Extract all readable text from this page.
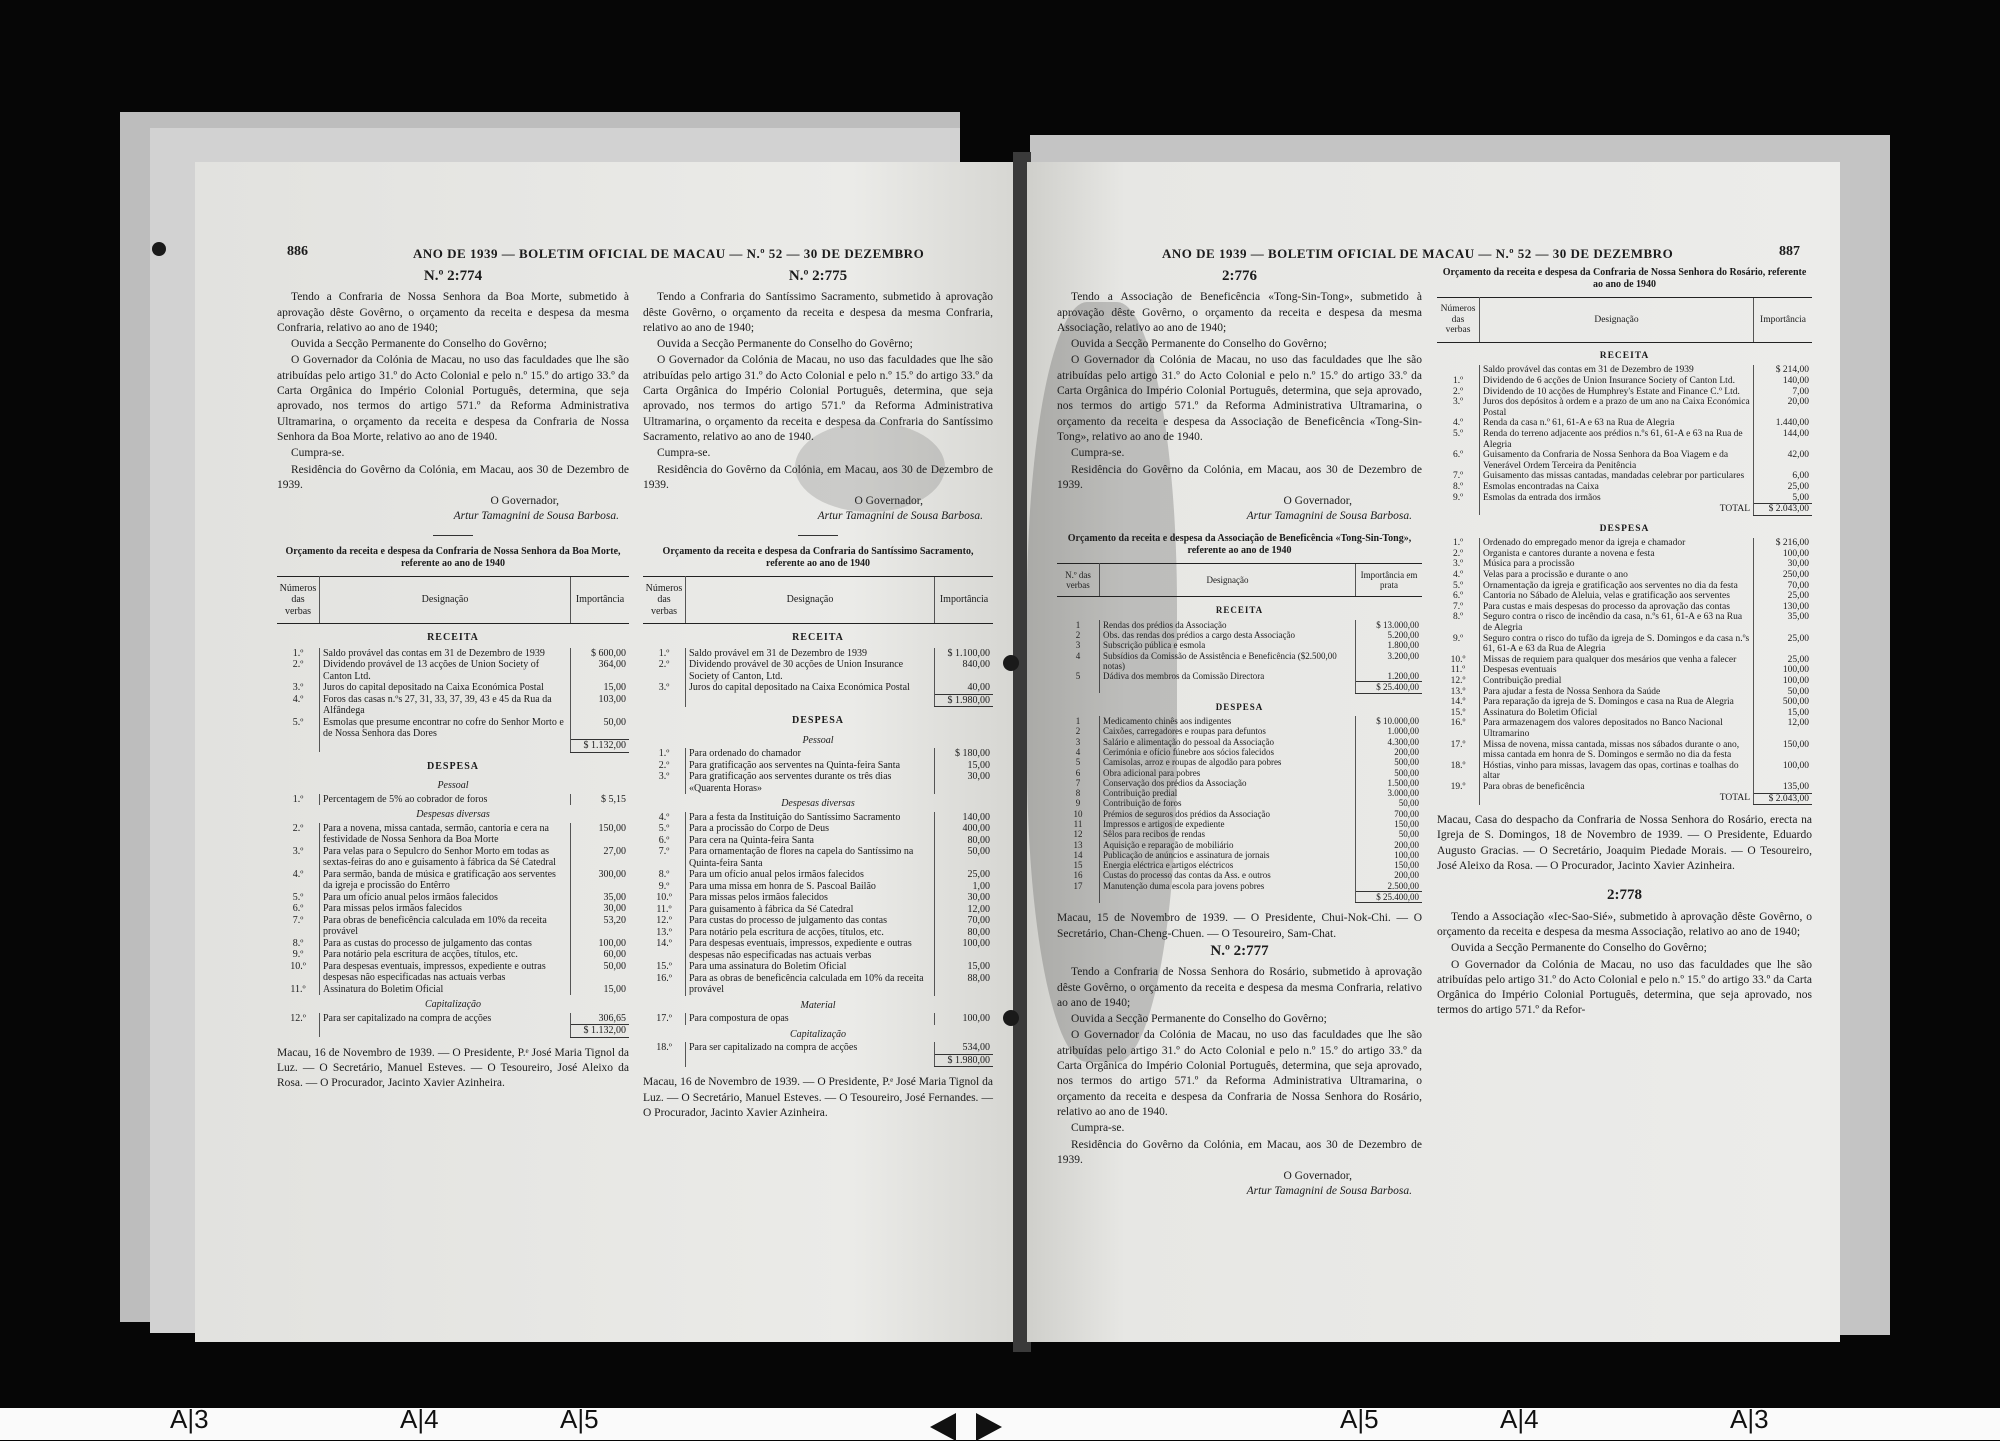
886	ANO DE 1939 — BOLETIM OFICIAL DE MACAU — N.º 52 — 30 DE DEZEMBRO
N.º 2:774

Tendo a Confraria de Nossa Senhora da Boa Morte, submetido à aprovação dêste Govêrno, o orçamento da receita e despesa da mesma Confraria, relativo ao ano de 1940;

Ouvida a Secção Permanente do Conselho do Govêrno;

O Governador da Colónia de Macau, no uso das faculdades que lhe são atribuídas pelo artigo 31.º do Acto Colonial e pelo n.º 15.º do artigo 33.º da Carta Orgânica do Império Colonial Português, determina, que seja aprovado, nos termos do artigo 571.º da Reforma Administrativa Ultramarina, o orçamento da receita e despesa da Confraria de Nossa Senhora da Boa Morte, relativo ao ano de 1940.

Cumpra-se.

Residência do Govêrno da Colónia, em Macau, aos 30 de Dezembro de 1939.

O Governador,
Artur Tamagnini de Sousa Barbosa.
Orçamento da receita e despesa da Confraria de Nossa Senhora da Boa Morte, referente ao ano de 1940
Números das verbas	Designação	Importância
RECEITA		
1.º	Saldo provável das contas em 31 de Dezembro de 1939	$ 600,00
2.º	Dividendo provável de 13 acções de Union Society of Canton Ltd.	364,00
3.º	Juros do capital depositado na Caixa Económica Postal	15,00
4.º	Foros das casas n.ºs 27, 31, 33, 37, 39, 43 e 45 da Rua da Alfândega	103,00
5.º	Esmolas que presume encontrar no cofre do Senhor Morto e de Nossa Senhora das Dores	50,00
		$ 1.132,00
DESPESA		
Pessoal		
1.º	Percentagem de 5% ao cobrador de foros	$ 5,15
Despesas diversas		
2.º	Para a novena, missa cantada, sermão, cantoria e cera na festividade de Nossa Senhora da Boa Morte	150,00
3.º	Para velas para o Sepulcro do Senhor Morto em todas as sextas-feiras do ano e guisamento à fábrica da Sé Catedral	27,00
4.º	Para sermão, banda de música e gratificação aos serventes da igreja e procissão do Entêrro	300,00
5.º	Para um ofício anual pelos irmãos falecidos	35,00
6.º	Para missas pelos irmãos falecidos	30,00
7.º	Para obras de beneficência calculada em 10% da receita provável	53,20
8.º	Para as custas do processo de julgamento das contas	100,00
9.º	Para notário pela escritura de acções, títulos, etc.	60,00
10.º	Para despesas eventuais, impressos, expediente e outras despesas não especificadas nas actuais verbas	50,00
11.º	Assinatura do Boletim Oficial	15,00
Capitalização		
12.º	Para ser capitalizado na compra de acções	306,65
		$ 1.132,00
Macau, 16 de Novembro de 1939. — O Presidente, P.ᵉ José Maria Tignol da Luz. — O Secretário, Manuel Esteves. — O Tesoureiro, José Aleixo da Rosa. — O Procurador, Jacinto Xavier Azinheira.
N.º 2:775

Tendo a Confraria do Santíssimo Sacramento, submetido à aprovação dêste Govêrno, o orçamento da receita e despesa da mesma Confraria, relativo ao ano de 1940;

Ouvida a Secção Permanente do Conselho do Govêrno;

O Governador da Colónia de Macau, no uso das faculdades que lhe são atribuídas pelo artigo 31.º do Acto Colonial e pelo n.º 15.º do artigo 33.º da Carta Orgânica do Império Colonial Português, determina, que seja aprovado, nos termos do artigo 571.º da Reforma Administrativa Ultramarina, o orçamento da receita e despesa da Confraria do Santíssimo Sacramento, relativo ao ano de 1940.

Cumpra-se.

Residência do Govêrno da Colónia, em Macau, aos 30 de Dezembro de 1939.

O Governador,
Artur Tamagnini de Sousa Barbosa.
Orçamento da receita e despesa da Confraria do Santíssimo Sacramento, referente ao ano de 1940
Números das verbas	Designação	Importância
RECEITA		
1.º	Saldo provável em 31 de Dezembro de 1939	$ 1.100,00
2.º	Dividendo provável de 30 acções de Union Insurance Society of Canton, Ltd.	840,00
3.º	Juros do capital depositado na Caixa Económica Postal	40,00
		$ 1.980,00
DESPESA		
Pessoal		
1.º	Para ordenado do chamador	$ 180,00
2.º	Para gratificação aos serventes na Quinta-feira Santa	15,00
3.º	Para gratificação aos serventes durante os três dias «Quarenta Horas»	30,00
Despesas diversas		
4.º	Para a festa da Instituição do Santíssimo Sacramento	140,00
5.º	Para a procissão do Corpo de Deus	400,00
6.º	Para cera na Quinta-feira Santa	80,00
7.º	Para ornamentação de flores na capela do Santíssimo na Quinta-feira Santa	50,00
8.º	Para um ofício anual pelos irmãos falecidos	25,00
9.º	Para uma missa em honra de S. Pascoal Bailão	1,00
10.º	Para missas pelos irmãos falecidos	30,00
11.º	Para guisamento à fábrica da Sé Catedral	12,00
12.º	Para custas do processo de julgamento das contas	70,00
13.º	Para notário pela escritura de acções, títulos, etc.	80,00
14.º	Para despesas eventuais, impressos, expediente e outras despesas não especificadas nas actuais verbas	100,00
15.º	Para uma assinatura do Boletim Oficial	15,00
16.º	Para as obras de beneficência calculada em 10% da receita provável	88,00
Material		
17.º	Para compostura de opas	100,00
Capitalização		
18.º	Para ser capitalizado na compra de acções	534,00
		$ 1.980,00
Macau, 16 de Novembro de 1939. — O Presidente, P.ᵉ José Maria Tignol da Luz. — O Secretário, Manuel Esteves. — O Tesoureiro, José Fernandes. — O Procurador, Jacinto Xavier Azinheira.
ANO DE 1939 — BOLETIM OFICIAL DE MACAU — N.º 52 — 30 DE DEZEMBRO	887
2:776

Tendo a Associação de Beneficência «Tong-Sin-Tong», submetido à aprovação dêste Govêrno, o orçamento da receita e despesa da mesma Associação, relativo ao ano de 1940;

Ouvida a Secção Permanente do Conselho do Govêrno;

O Governador da Colónia de Macau, no uso das faculdades que lhe são atribuídas pelo artigo 31.º do Acto Colonial e pelo n.º 15.º do artigo 33.º da Carta Orgânica do Império Colonial Português, determina, que seja aprovado, nos termos do artigo 571.º da Reforma Administrativa Ultramarina, o orçamento da receita e despesa da Associação de Beneficência «Tong-Sin-Tong», relativo ao ano de 1940.

Cumpra-se.

Residência do Govêrno da Colónia, em Macau, aos 30 de Dezembro de 1939.

O Governador,
Artur Tamagnini de Sousa Barbosa.
Orçamento da receita e despesa da Associação de Beneficência «Tong-Sin-Tong», referente ao ano de 1940
N.º das verbas	Designação	Importância em prata
RECEITA		
1	Rendas dos prédios da Associação	$ 13.000,00
2	Obs. das rendas dos prédios a cargo desta Associação	5.200,00
3	Subscrição pública e esmola	1.800,00
4	Subsídios da Comissão de Assistência e Beneficência ($2.500,00 notas)	3.200,00
5	Dádiva dos membros da Comissão Directora	1.200,00
		$ 25.400,00
DESPESA		
1	Medicamento chinês aos indigentes	$ 10.000,00
2	Caixões, carregadores e roupas para defuntos	1.000,00
3	Salário e alimentação do pessoal da Associação	4.300,00
4	Cerimónia e ofício fúnebre aos sócios falecidos	200,00
5	Camisolas, arroz e roupas de algodão para pobres	500,00
6	Obra adicional para pobres	500,00
7	Conservação dos prédios da Associação	1.500,00
8	Contribuição predial	3.000,00
9	Contribuição de foros	50,00
10	Prémios de seguros dos prédios da Associação	700,00
11	Impressos e artigos de expediente	150,00
12	Sêlos para recibos de rendas	50,00
13	Aquisição e reparação de mobiliário	200,00
14	Publicação de anúncios e assinatura de jornais	100,00
15	Energia eléctrica e artigos eléctricos	150,00
16	Custas do processo das contas da Ass. e outros	200,00
17	Manutenção duma escola para jovens pobres	2.500,00
		$ 25.400,00
Macau, 15 de Novembro de 1939. — O Presidente, Chui-Nok-Chi. — O Secretário, Chan-Cheng-Chuen. — O Tesoureiro, Sam-Chat.
N.º 2:777

Tendo a Confraria de Nossa Senhora do Rosário, submetido à aprovação dêste Govêrno, o orçamento da receita e despesa da mesma Confraria, relativo ao ano de 1940;

Ouvida a Secção Permanente do Conselho do Govêrno;

O Governador da Colónia de Macau, no uso das faculdades que lhe são atribuídas pelo artigo 31.º do Acto Colonial e pelo n.º 15.º do artigo 33.º da Carta Orgânica do Império Colonial Português, determina, que seja aprovado, nos termos do artigo 571.º da Reforma Administrativa Ultramarina, o orçamento da receita e despesa da Confraria de Nossa Senhora do Rosário, relativo ao ano de 1940.

Cumpra-se.

Residência do Govêrno da Colónia, em Macau, aos 30 de Dezembro de 1939.

O Governador,
Artur Tamagnini de Sousa Barbosa.
Orçamento da receita e despesa da Confraria de Nossa Senhora do Rosário, referente ao ano de 1940
Números das verbas	Designação	Importância
RECEITA		
	Saldo provável das contas em 31 de Dezembro de 1939	$ 214,00
1.º	Dividendo de 6 acções de Union Insurance Society of Canton Ltd.	140,00
2.º	Dividendo de 10 acções de Humphrey's Estate and Finance C.º Ltd.	7,00
3.º	Juros dos depósitos à ordem e a prazo de um ano na Caixa Económica Postal	20,00
4.º	Renda da casa n.º 61, 61-A e 63 na Rua de Alegria	1.440,00
5.º	Renda do terreno adjacente aos prédios n.ºs 61, 61-A e 63 na Rua de Alegria	144,00
6.º	Guisamento da Confraria de Nossa Senhora da Boa Viagem e da Venerável Ordem Terceira da Penitência	42,00
7.º	Guisamento das missas cantadas, mandadas celebrar por particulares	6,00
8.º	Esmolas encontradas na Caixa	25,00
9.º	Esmolas da entrada dos irmãos	5,00
	TOTAL	$ 2.043,00
DESPESA		
1.º	Ordenado do empregado menor da igreja e chamador	$ 216,00
2.º	Organista e cantores durante a novena e festa	100,00
3.º	Música para a procissão	30,00
4.º	Velas para a procissão e durante o ano	250,00
5.º	Ornamentação da igreja e gratificação aos serventes no dia da festa	70,00
6.º	Cantoria no Sábado de Aleluia, velas e gratificação aos serventes	25,00
7.º	Para custas e mais despesas do processo da aprovação das contas	130,00
8.º	Seguro contra o risco de incêndio da casa, n.ºs 61, 61-A e 63 na Rua de Alegria	35,00
9.º	Seguro contra o risco do tufão da igreja de S. Domingos e da casa n.ºs 61, 61-A e 63 da Rua de Alegria	25,00
10.º	Missas de requiem para qualquer dos mesários que venha a falecer	25,00
11.º	Despesas eventuais	100,00
12.º	Contribuição predial	100,00
13.º	Para ajudar a festa de Nossa Senhora da Saúde	50,00
14.º	Para reparação da igreja de S. Domingos e casa na Rua de Alegria	500,00
15.º	Assinatura do Boletim Oficial	15,00
16.º	Para armazenagem dos valores depositados no Banco Nacional Ultramarino	12,00
17.º	Missa de novena, missa cantada, missas nos sábados durante o ano, missa cantada em honra de S. Domingos e sermão no dia da festa	150,00
18.º	Hóstias, vinho para missas, lavagem das opas, cortinas e toalhas do altar	100,00
19.º	Para obras de beneficência	135,00
	TOTAL	$ 2.043,00
Macau, Casa do despacho da Confraria de Nossa Senhora do Rosário, erecta na Igreja de S. Domingos, 18 de Novembro de 1939. — O Presidente, Eduardo Augusto Gracias. — O Secretário, Joaquim Piedade Morais. — O Tesoureiro, José Aleixo da Rosa. — O Procurador, Jacinto Xavier Azinheira.
2:778

Tendo a Associação «Iec-Sao-Sié», submetido à aprovação dêste Govêrno, o orçamento da receita e despesa da mesma Associação, relativo ao ano de 1940;

Ouvida a Secção Permanente do Conselho do Govêrno;

O Governador da Colónia de Macau, no uso das faculdades que lhe são atribuídas pelo artigo 31.º do Acto Colonial e pelo n.º 15.º do artigo 33.º da Carta Orgânica do Império Colonial Português, determina, que seja aprovado, nos termos do artigo 571.º da Refor-

A|3	A|4	A|5	A|5	A|4	A|3
